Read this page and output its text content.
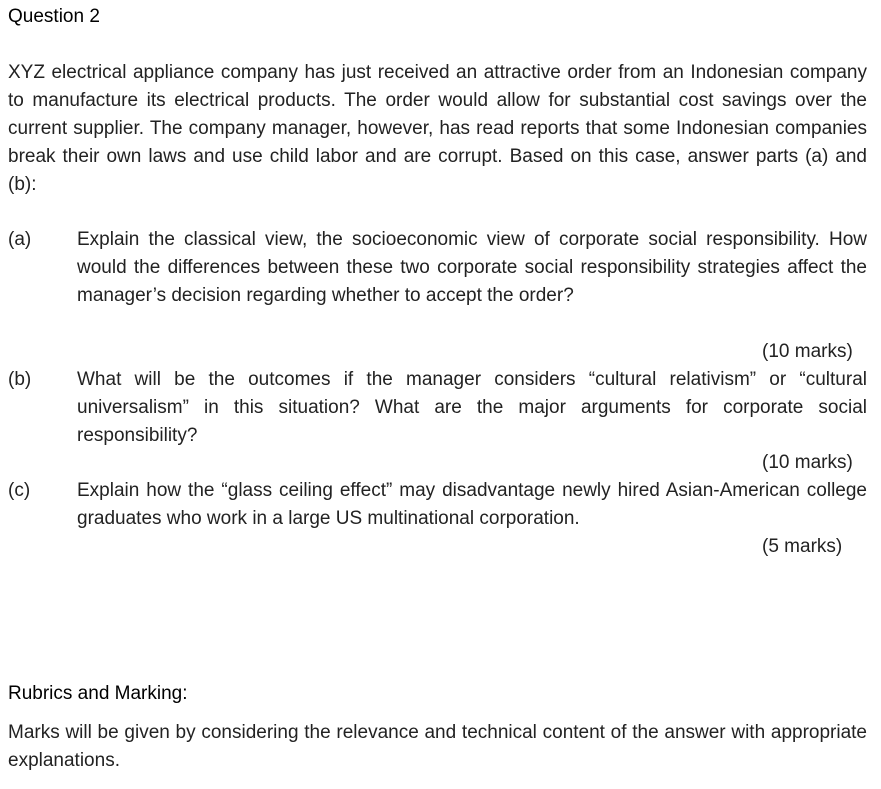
Question 2
XYZ electrical appliance company has just received an attractive order from an Indonesian company to manufacture its electrical products. The order would allow for substantial cost savings over the current supplier. The company manager, however, has read reports that some Indonesian companies break their own laws and use child labor and are corrupt. Based on this case, answer parts (a) and (b):
(a) Explain the classical view, the socioeconomic view of corporate social responsibility. How would the differences between these two corporate social responsibility strategies affect the manager’s decision regarding whether to accept the order?
(10 marks)
(b) What will be the outcomes if the manager considers “cultural relativism” or “cultural universalism” in this situation? What are the major arguments for corporate social responsibility?
(10 marks)
(c) Explain how the “glass ceiling effect” may disadvantage newly hired Asian-American college graduates who work in a large US multinational corporation.
(5 marks)
Rubrics and Marking:
Marks will be given by considering the relevance and technical content of the answer with appropriate explanations.
